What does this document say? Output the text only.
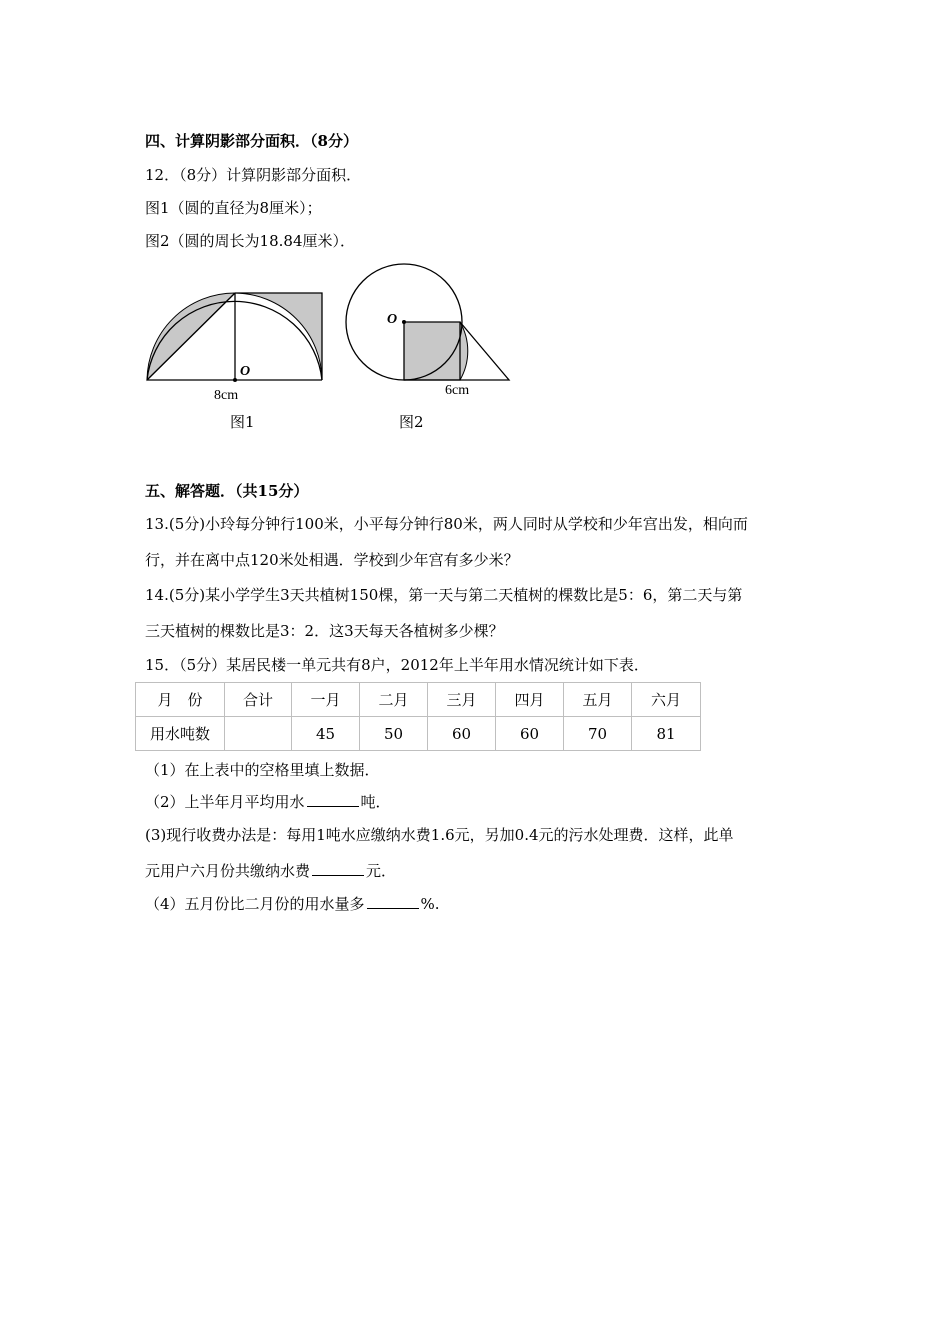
四、计算阴影部分面积．（8分）
12．（8分）计算阴影部分面积．
图1（圆的直径为8厘米）；
图2（圆的周长为18.84厘米）．
O
8cm
图1
O
6cm
图2
五、解答题．（共15分）
13.(5分)小玲每分钟行100米，小平每分钟行80米，两人同时从学校和少年宫出发，相向而
行，并在离中点120米处相遇．学校到少年宫有多少米？
14.(5分)某小学学生3天共植树150棵，第一天与第二天植树的棵数比是5：6，第二天与第
三天植树的棵数比是3：2．这3天每天各植树多少棵？
15．（5分）某居民楼一单元共有8户，2012年上半年用水情况统计如下表．
月　份	合计	一月	二月	三月	四月	五月	六月
用水吨数		45	50	60	60	70	81
（1）在上表中的空格里填上数据．
（2）上半年月平均用水	吨．
(3)现行收费办法是：每用1吨水应缴纳水费1.6元，另加0.4元的污水处理费．这样，此单
元用户六月份共缴纳水费	元．
（4）五月份比二月份的用水量多	%.
